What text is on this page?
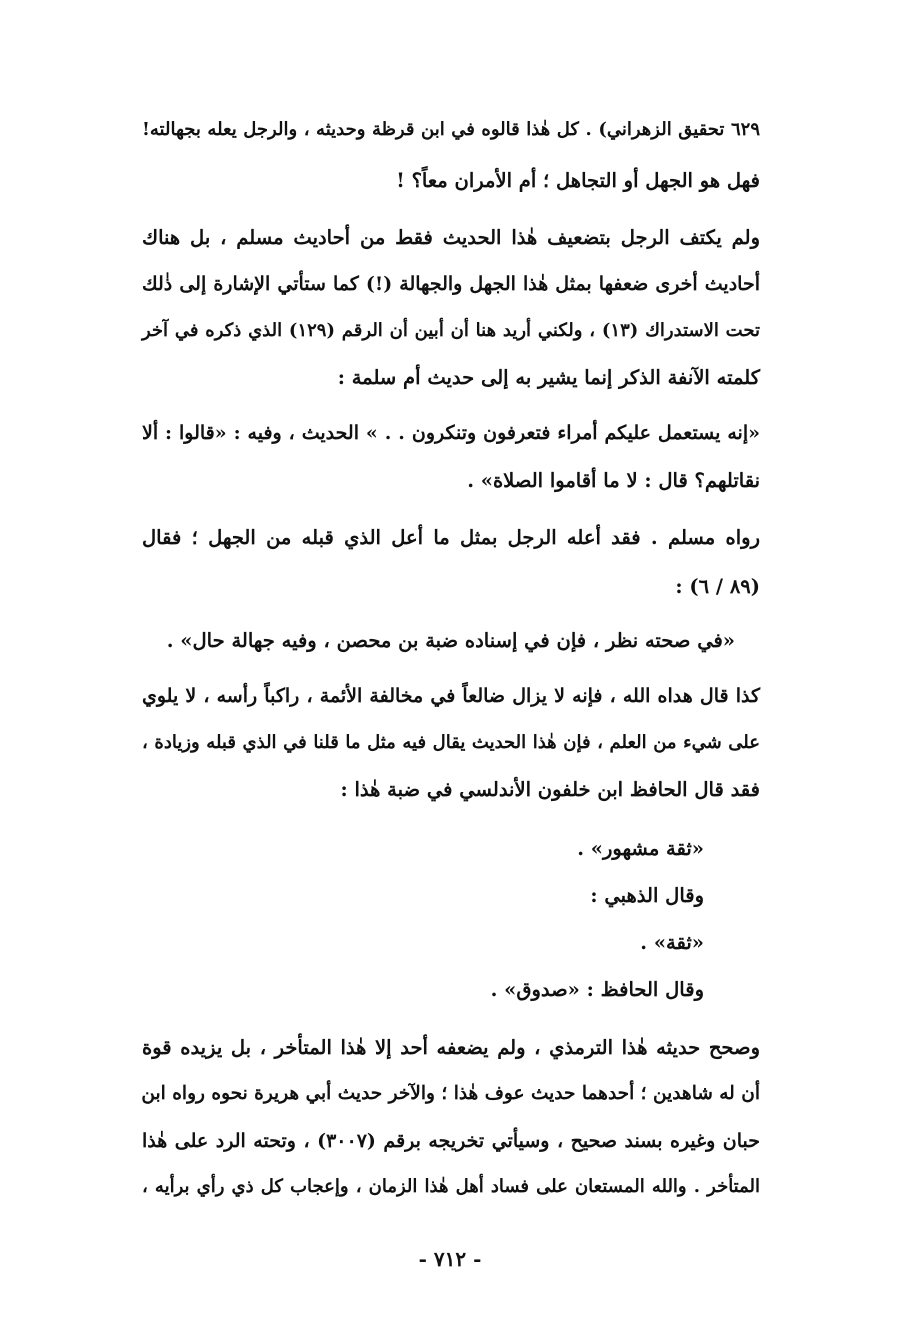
٦٢٩ تحقيق الزهراني) . كل هٰذا قالوه في ابن قرظة وحديثه ، والرجل يعله بجهالته!
فهل هو الجهل أو التجاهل ؛ أم الأمران معاً؟ !
ولم يكتف الرجل بتضعيف هٰذا الحديث فقط من أحاديث مسلم ، بل هناك
أحاديث أخرى ضعفها بمثل هٰذا الجهل والجهالة (!) كما ستأتي الإشارة إلى ذٰلك
تحت الاستدراك (١٣) ، ولكني أريد هنا أن أبين أن الرقم (١٢٩) الذي ذكره في آخر
كلمته الآنفة الذكر إنما يشير به إلى حديث أم سلمة :
«إنه يستعمل عليكم أمراء فتعرفون وتنكرون . . » الحديث ، وفيه : «قالوا : ألا
نقاتلهم؟ قال : لا ما أقاموا الصلاة» .
رواه مسلم . فقد أعله الرجل بمثل ما أعل الذي قبله من الجهل ؛ فقال
(٨٩ / ٦) :
«في صحته نظر ، فإن في إسناده ضبة بن محصن ، وفيه جهالة حال» .
كذا قال هداه الله ، فإنه لا يزال ضالعاً في مخالفة الأئمة ، راكباً رأسه ، لا يلوي
على شيء من العلم ، فإن هٰذا الحديث يقال فيه مثل ما قلنا في الذي قبله وزيادة ،
فقد قال الحافظ ابن خلفون الأندلسي في ضبة هٰذا :
«ثقة مشهور» .
وقال الذهبي :
«ثقة» .
وقال الحافظ : «صدوق» .
وصحح حديثه هٰذا الترمذي ، ولم يضعفه أحد إلا هٰذا المتأخر ، بل يزيده قوة
أن له شاهدين ؛ أحدهما حديث عوف هٰذا ؛ والآخر حديث أبي هريرة نحوه رواه ابن
حبان وغيره بسند صحيح ، وسيأتي تخريجه برقم (٣٠٠٧) ، وتحته الرد على هٰذا
المتأخر . والله المستعان على فساد أهل هٰذا الزمان ، وإعجاب كل ذي رأي برأيه ،
- ٧١٢ -
